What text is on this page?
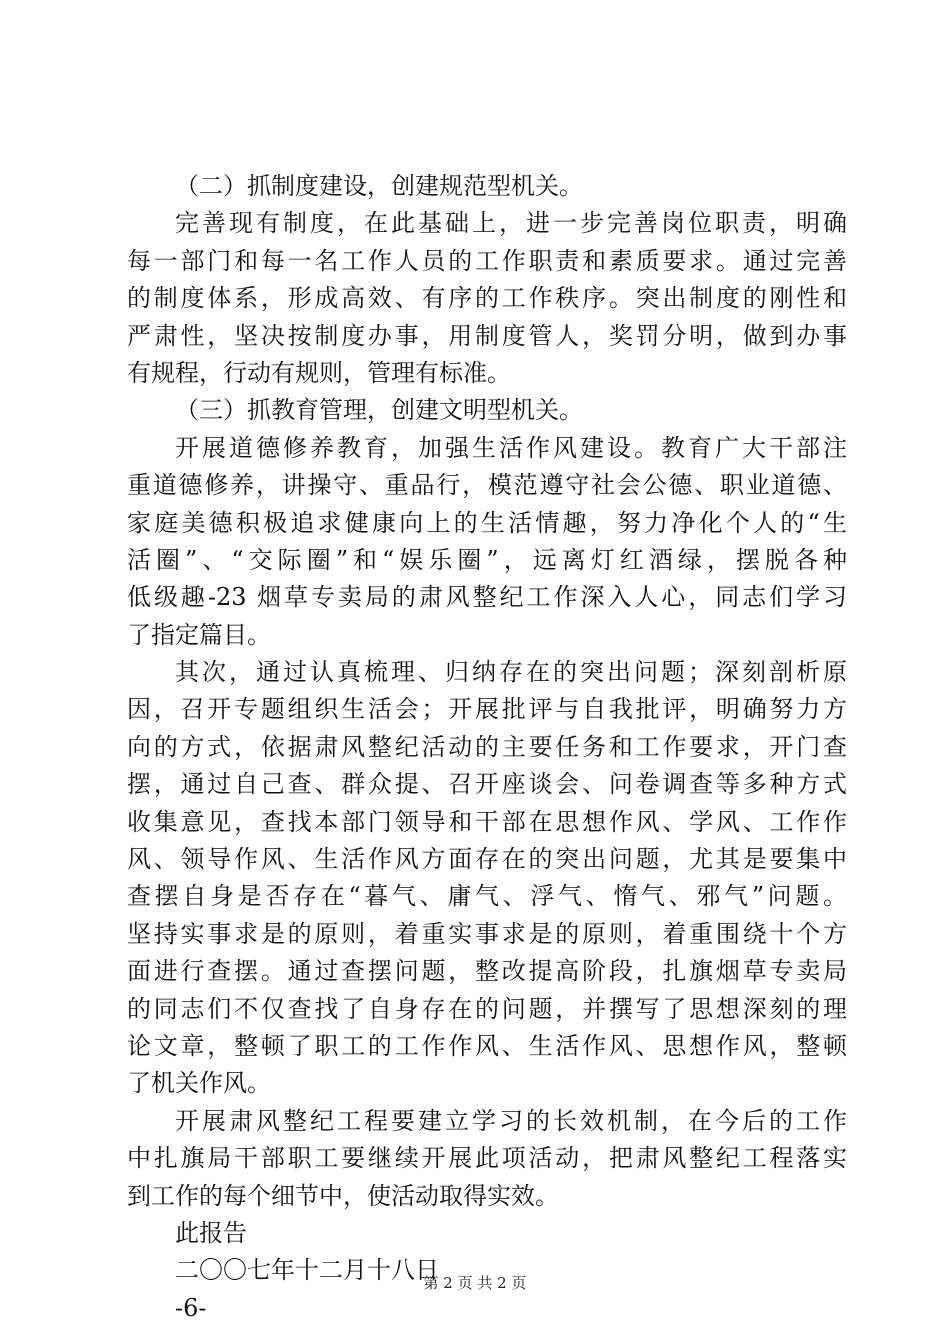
（二）抓制度建设，创建规范型机关。
完善现有制度，在此基础上，进一步完善岗位职责，明确
每一部门和每一名工作人员的工作职责和素质要求。通过完善
的制度体系，形成高效、有序的工作秩序。突出制度的刚性和
严肃性，坚决按制度办事，用制度管人，奖罚分明，做到办事
有规程，行动有规则，管理有标准。
（三）抓教育管理，创建文明型机关。
开展道德修养教育，加强生活作风建设。教育广大干部注
重道德修养，讲操守、重品行，模范遵守社会公德、职业道德、
家庭美德积极追求健康向上的生活情趣，努力净化个人的“生
活圈”、“交际圈”和“娱乐圈”，远离灯红酒绿，摆脱各种
低级趣-23 烟草专卖局的肃风整纪工作深入人心，同志们学习
了指定篇目。
其次，通过认真梳理、归纳存在的突出问题；深刻剖析原
因，召开专题组织生活会；开展批评与自我批评，明确努力方
向的方式，依据肃风整纪活动的主要任务和工作要求，开门查
摆，通过自己查、群众提、召开座谈会、问卷调查等多种方式
收集意见，查找本部门领导和干部在思想作风、学风、工作作
风、领导作风、生活作风方面存在的突出问题，尤其是要集中
查摆自身是否存在“暮气、庸气、浮气、惰气、邪气”问题。
坚持实事求是的原则，着重实事求是的原则，着重围绕十个方
面进行查摆。通过查摆问题，整改提高阶段，扎旗烟草专卖局
的同志们不仅查找了自身存在的问题，并撰写了思想深刻的理
论文章，整顿了职工的工作作风、生活作风、思想作风，整顿
了机关作风。
开展肃风整纪工程要建立学习的长效机制，在今后的工作
中扎旗局干部职工要继续开展此项活动，把肃风整纪工程落实
到工作的每个细节中，使活动取得实效。
此报告
二〇〇七年十二月十八日
-6-
第 2 页 共 2 页
